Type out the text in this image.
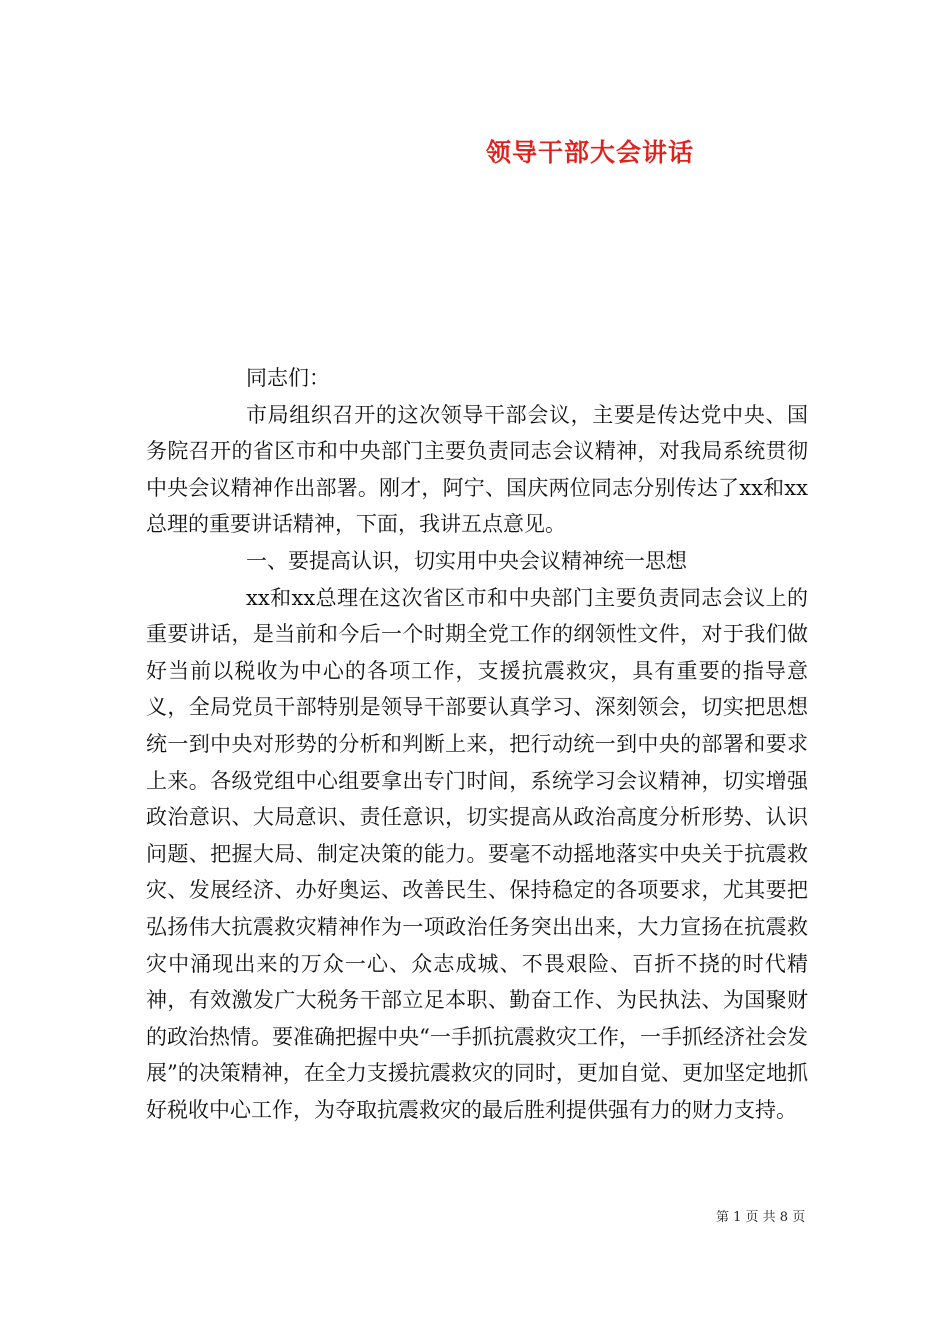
领导干部大会讲话

同志们：

市局组织召开的这次领导干部会议，主要是传达党中央、国务院召开的省区市和中央部门主要负责同志会议精神，对我局系统贯彻中央会议精神作出部署。刚才，阿宁、国庆两位同志分别传达了xx和xx总理的重要讲话精神，下面，我讲五点意见。

一、要提高认识，切实用中央会议精神统一思想

xx和xx总理在这次省区市和中央部门主要负责同志会议上的重要讲话，是当前和今后一个时期全党工作的纲领性文件，对于我们做好当前以税收为中心的各项工作，支援抗震救灾，具有重要的指导意义，全局党员干部特别是领导干部要认真学习、深刻领会，切实把思想统一到中央对形势的分析和判断上来，把行动统一到中央的部署和要求上来。各级党组中心组要拿出专门时间，系统学习会议精神，切实增强政治意识、大局意识、责任意识，切实提高从政治高度分析形势、认识问题、把握大局、制定决策的能力。要毫不动摇地落实中央关于抗震救灾、发展经济、办好奥运、改善民生、保持稳定的各项要求，尤其要把弘扬伟大抗震救灾精神作为一项政治任务突出出来，大力宣扬在抗震救灾中涌现出来的万众一心、众志成城、不畏艰险、百折不挠的时代精神，有效激发广大税务干部立足本职、勤奋工作、为民执法、为国聚财的政治热情。要准确把握中央“一手抓抗震救灾工作，一手抓经济社会发展”的决策精神，在全力支援抗震救灾的同时，更加自觉、更加坚定地抓好税收中心工作，为夺取抗震救灾的最后胜利提供强有力的财力支持。

第 1 页 共 8 页
